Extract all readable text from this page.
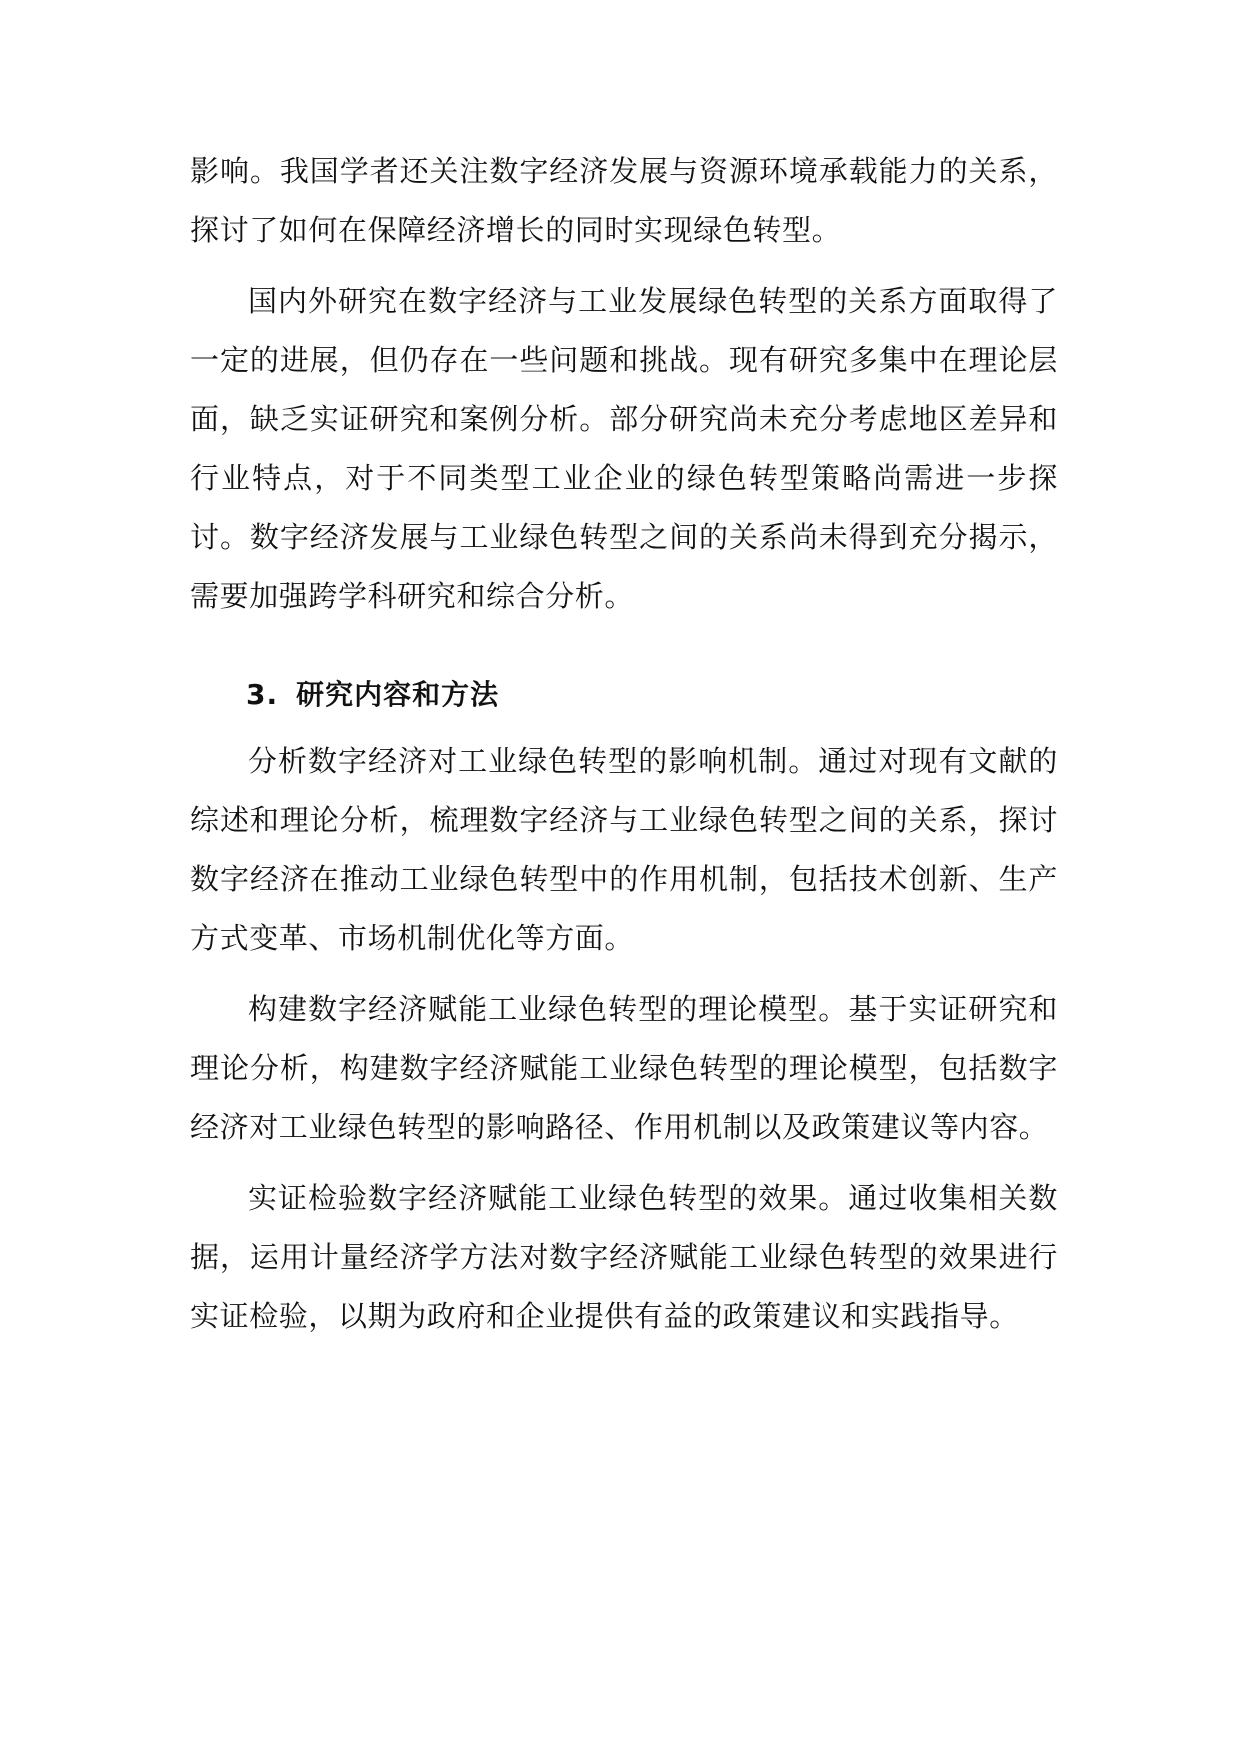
影响。我国学者还关注数字经济发展与资源环境承载能力的关系，探讨了如何在保障经济增长的同时实现绿色转型。

国内外研究在数字经济与工业发展绿色转型的关系方面取得了一定的进展，但仍存在一些问题和挑战。现有研究多集中在理论层面，缺乏实证研究和案例分析。部分研究尚未充分考虑地区差异和行业特点，对于不同类型工业企业的绿色转型策略尚需进一步探讨。数字经济发展与工业绿色转型之间的关系尚未得到充分揭示，需要加强跨学科研究和综合分析。

3. 研究内容和方法

分析数字经济对工业绿色转型的影响机制。通过对现有文献的综述和理论分析，梳理数字经济与工业绿色转型之间的关系，探讨数字经济在推动工业绿色转型中的作用机制，包括技术创新、生产方式变革、市场机制优化等方面。

构建数字经济赋能工业绿色转型的理论模型。基于实证研究和理论分析，构建数字经济赋能工业绿色转型的理论模型，包括数字经济对工业绿色转型的影响路径、作用机制以及政策建议等内容。

实证检验数字经济赋能工业绿色转型的效果。通过收集相关数据，运用计量经济学方法对数字经济赋能工业绿色转型的效果进行实证检验，以期为政府和企业提供有益的政策建议和实践指导。
